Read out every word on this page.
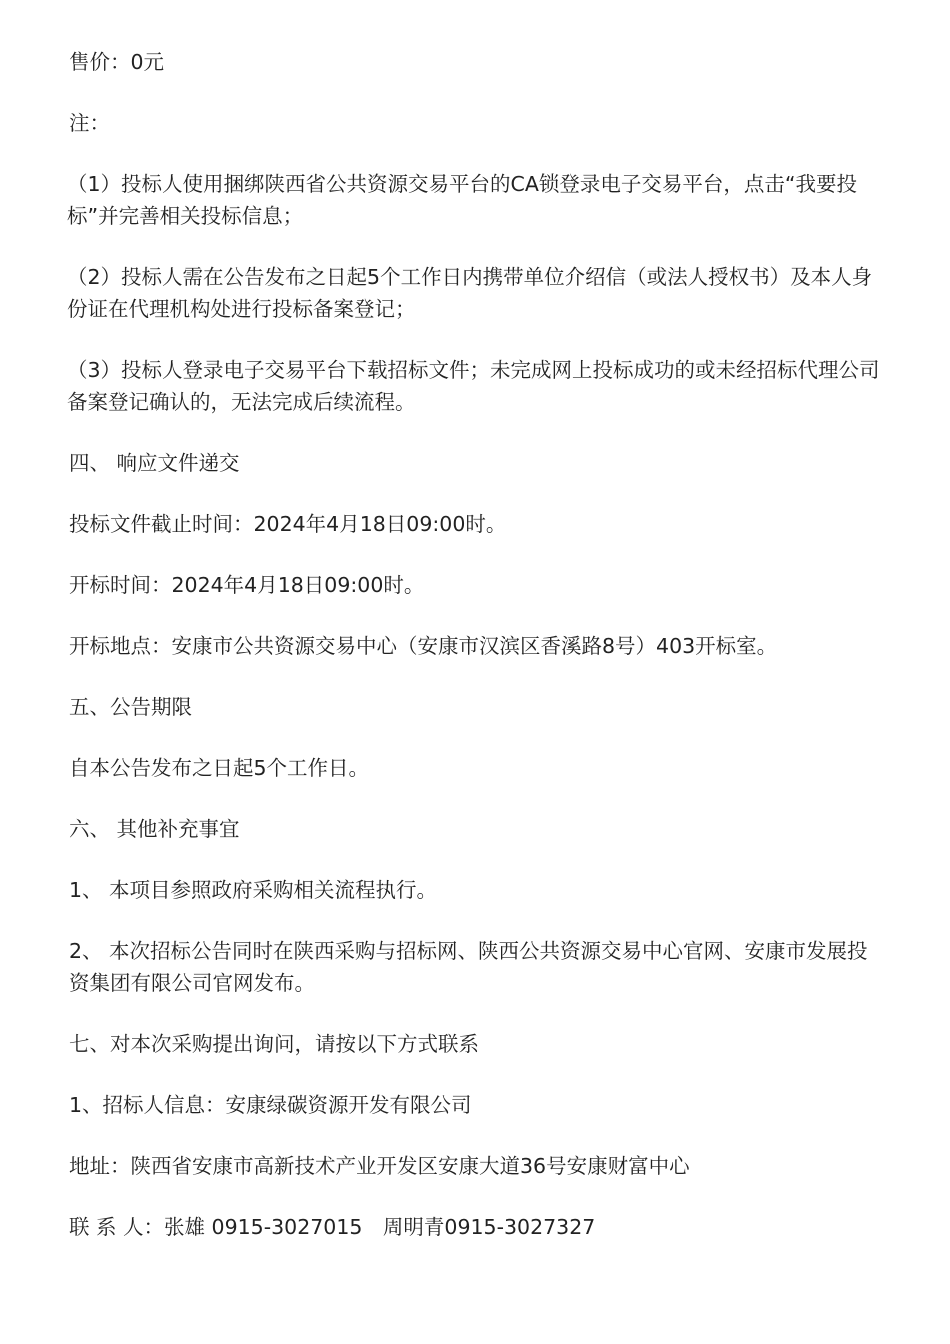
售价：0元

注：

（1）投标人使用捆绑陕西省公共资源交易平台的CA锁登录电子交易平台，点击“我要投标”并完善相关投标信息；

（2）投标人需在公告发布之日起5个工作日内携带单位介绍信（或法人授权书）及本人身份证在代理机构处进行投标备案登记；

（3）投标人登录电子交易平台下载招标文件；未完成网上投标成功的或未经招标代理公司备案登记确认的，无法完成后续流程。

四、 响应文件递交

投标文件截止时间：2024年4月18日09:00时。

开标时间：2024年4月18日09:00时。

开标地点：安康市公共资源交易中心（安康市汉滨区香溪路8号）403开标室。

五、公告期限

自本公告发布之日起5个工作日。

六、 其他补充事宜

1、 本项目参照政府采购相关流程执行。

2、 本次招标公告同时在陕西采购与招标网、陕西公共资源交易中心官网、安康市发展投资集团有限公司官网发布。

七、对本次采购提出询问，请按以下方式联系

1、招标人信息：安康绿碳资源开发有限公司

地址：陕西省安康市高新技术产业开发区安康大道36号安康财富中心

联 系 人：张雄 0915-3027015　周明青0915-3027327
